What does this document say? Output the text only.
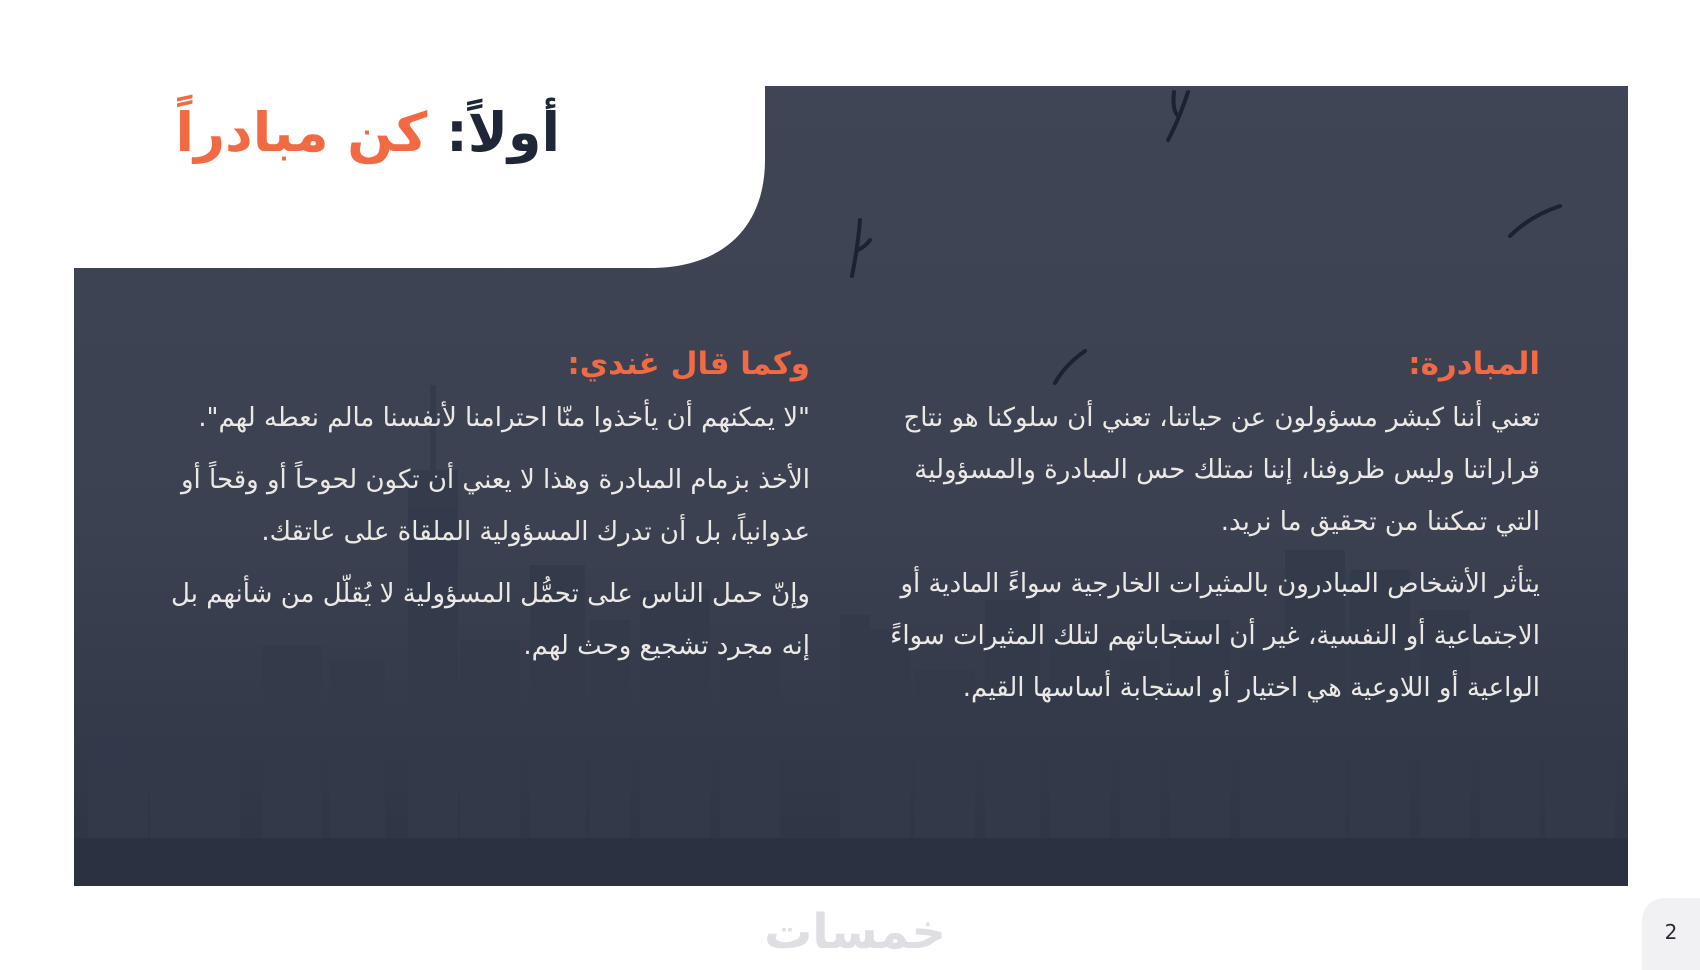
أولاً: كن مبادراً
المبادرة:

تعني أننا كبشر مسؤولون عن حياتنا، تعني أن سلوكنا هو نتاج قراراتنا وليس ظروفنا، إننا نمتلك حس المبادرة والمسؤولية التي تمكننا من تحقيق ما نريد.

يتأثر الأشخاص المبادرون بالمثيرات الخارجية سواءً المادية أو الاجتماعية أو النفسية، غير أن استجاباتهم لتلك المثيرات سواءً الواعية أو اللاوعية هي اختيار أو استجابة أساسها القيم.

وكما قال غندي:

"لا يمكنهم أن يأخذوا منّا احترامنا لأنفسنا مالم نعطه لهم".

الأخذ بزمام المبادرة وهذا لا يعني أن تكون لحوحاً أو وقحاً أو عدوانياً، بل أن تدرك المسؤولية الملقاة على عاتقك.

وإنّ حمل الناس على تحمُّل المسؤولية لا يُقلّل من شأنهم بل إنه مجرد تشجيع وحث لهم.

خمسات	2
